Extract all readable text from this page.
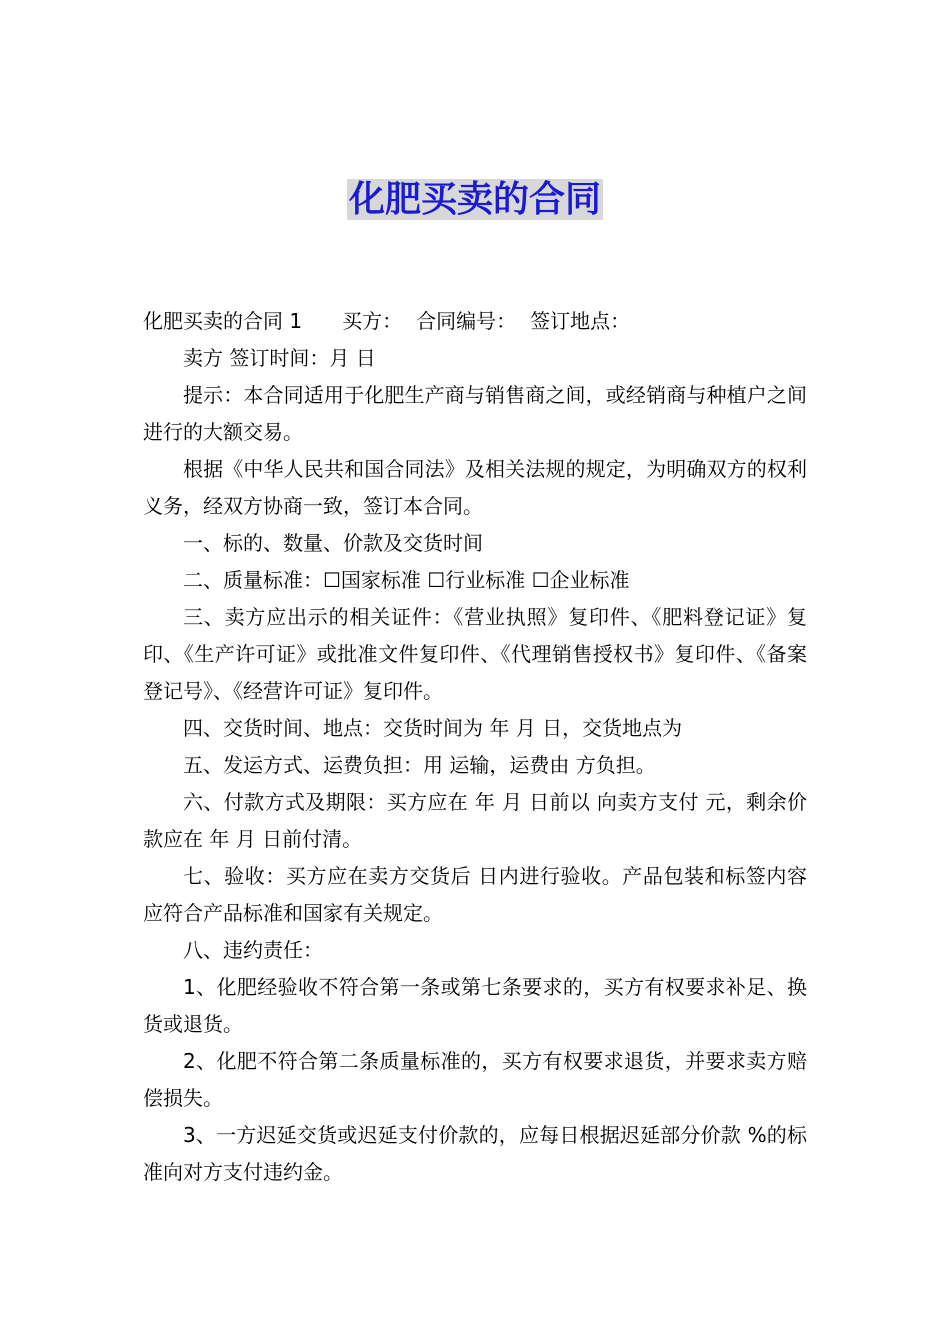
化肥买卖的合同

化肥买卖的合同 1 买方： 合同编号： 签订地点：

卖方 签订时间：月 日

提示：本合同适用于化肥生产商与销售商之间，或经销商与种植户之间进行的大额交易。

根据《中华人民共和国合同法》及相关法规的规定，为明确双方的权利义务，经双方协商一致，签订本合同。

一、标的、数量、价款及交货时间

二、质量标准：☐国家标准 ☐行业标准 ☐企业标准

三、卖方应出示的相关证件：《营业执照》复印件、《肥料登记证》复印、《生产许可证》或批准文件复印件、《代理销售授权书》复印件、《备案登记号》、《经营许可证》复印件。

四、交货时间、地点：交货时间为 年 月 日，交货地点为

五、发运方式、运费负担：用 运输，运费由 方负担。

六、付款方式及期限：买方应在 年 月 日前以 向卖方支付 元，剩余价款应在 年 月 日前付清。

七、验收：买方应在卖方交货后 日内进行验收。产品包装和标签内容应符合产品标准和国家有关规定。

八、违约责任：

1、化肥经验收不符合第一条或第七条要求的，买方有权要求补足、换货或退货。

2、化肥不符合第二条质量标准的，买方有权要求退货，并要求卖方赔偿损失。

3、一方迟延交货或迟延支付价款的，应每日根据迟延部分价款 %的标准向对方支付违约金。
